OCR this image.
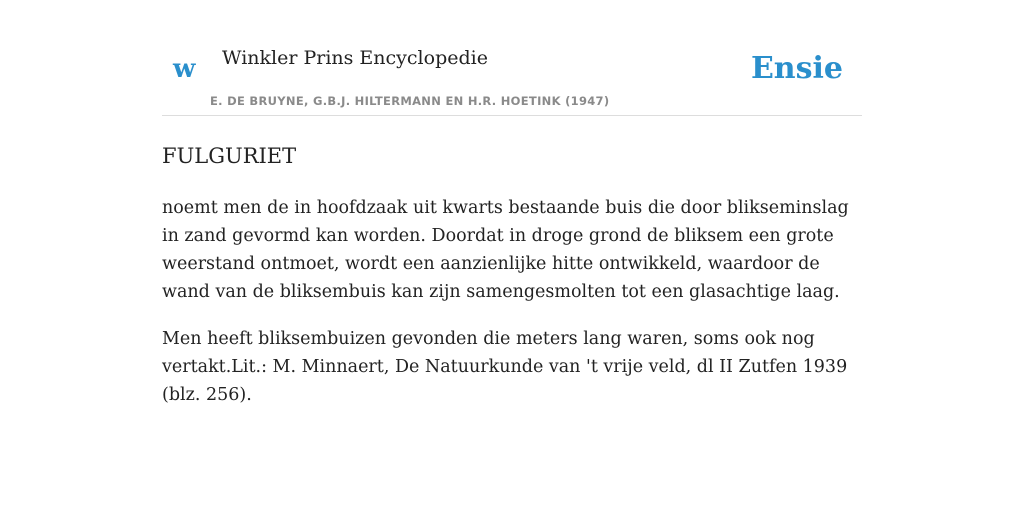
w Winkler Prins Encyclopedie
E. DE BRUYNE, G.B.J. HILTERMANN EN H.R. HOETINK (1947)
Ensie
FULGURIET

noemt men de in hoofdzaak uit kwarts bestaande buis die door blikseminslag in zand gevormd kan worden. Doordat in droge grond de bliksem een grote weerstand ontmoet, wordt een aanzienlijke hitte ontwikkeld, waardoor de wand van de bliksembuis kan zijn samengesmolten tot een glasachtige laag.

Men heeft bliksembuizen gevonden die meters lang waren, soms ook nog vertakt.Lit.: M. Minnaert, De Natuurkunde van 't vrije veld, dl II Zutfen 1939 (blz. 256).
